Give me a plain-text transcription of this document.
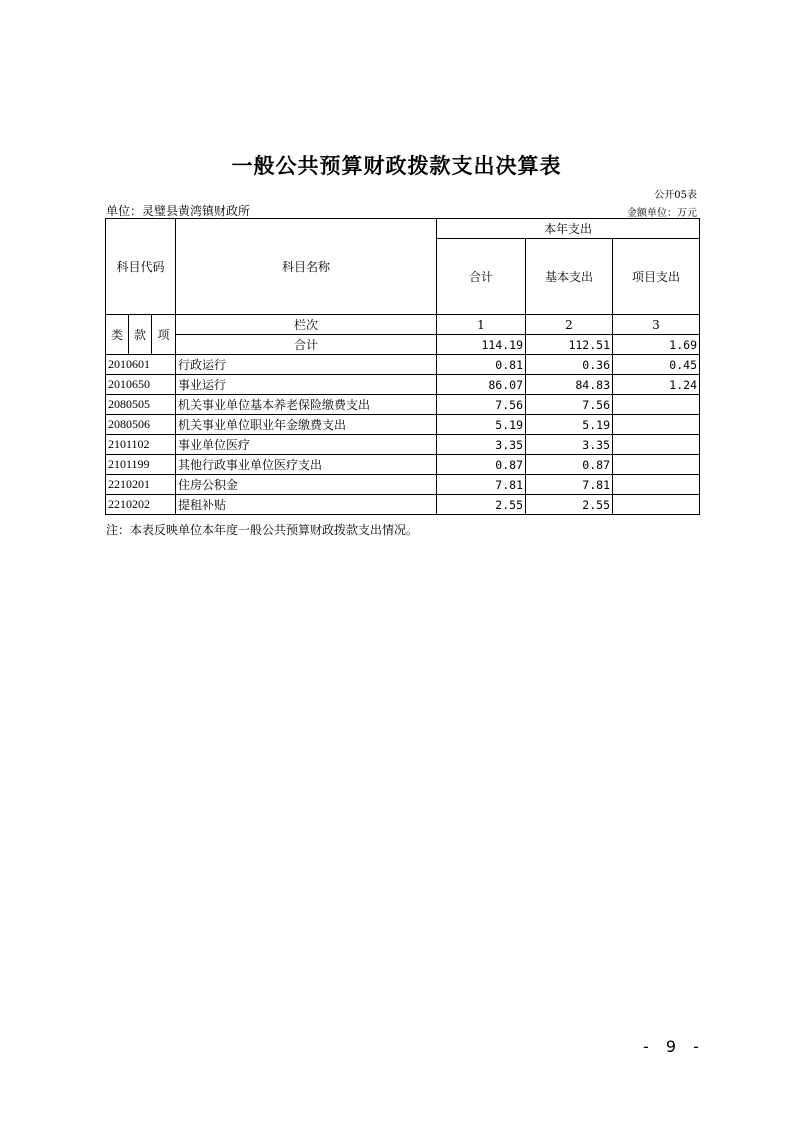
一般公共预算财政拨款支出决算表
公开05表
单位：灵璧县黄湾镇财政所	金额单位：万元
科目代码			科目名称	本年支出		
				合计	基本支出	项目支出
类	款	项	栏次	1	2	3
			合计	114.19	112.51	1.69
2010601			行政运行	0.81	0.36	0.45
2010650			事业运行	86.07	84.83	1.24
2080505			机关事业单位基本养老保险缴费支出	7.56	7.56	
2080506			机关事业单位职业年金缴费支出	5.19	5.19	
2101102			事业单位医疗	3.35	3.35	
2101199			其他行政事业单位医疗支出	0.87	0.87	
2210201			住房公积金	7.81	7.81	
2210202			提租补贴	2.55	2.55	
注：本表反映单位本年度一般公共预算财政拨款支出情况。
- 9 -
